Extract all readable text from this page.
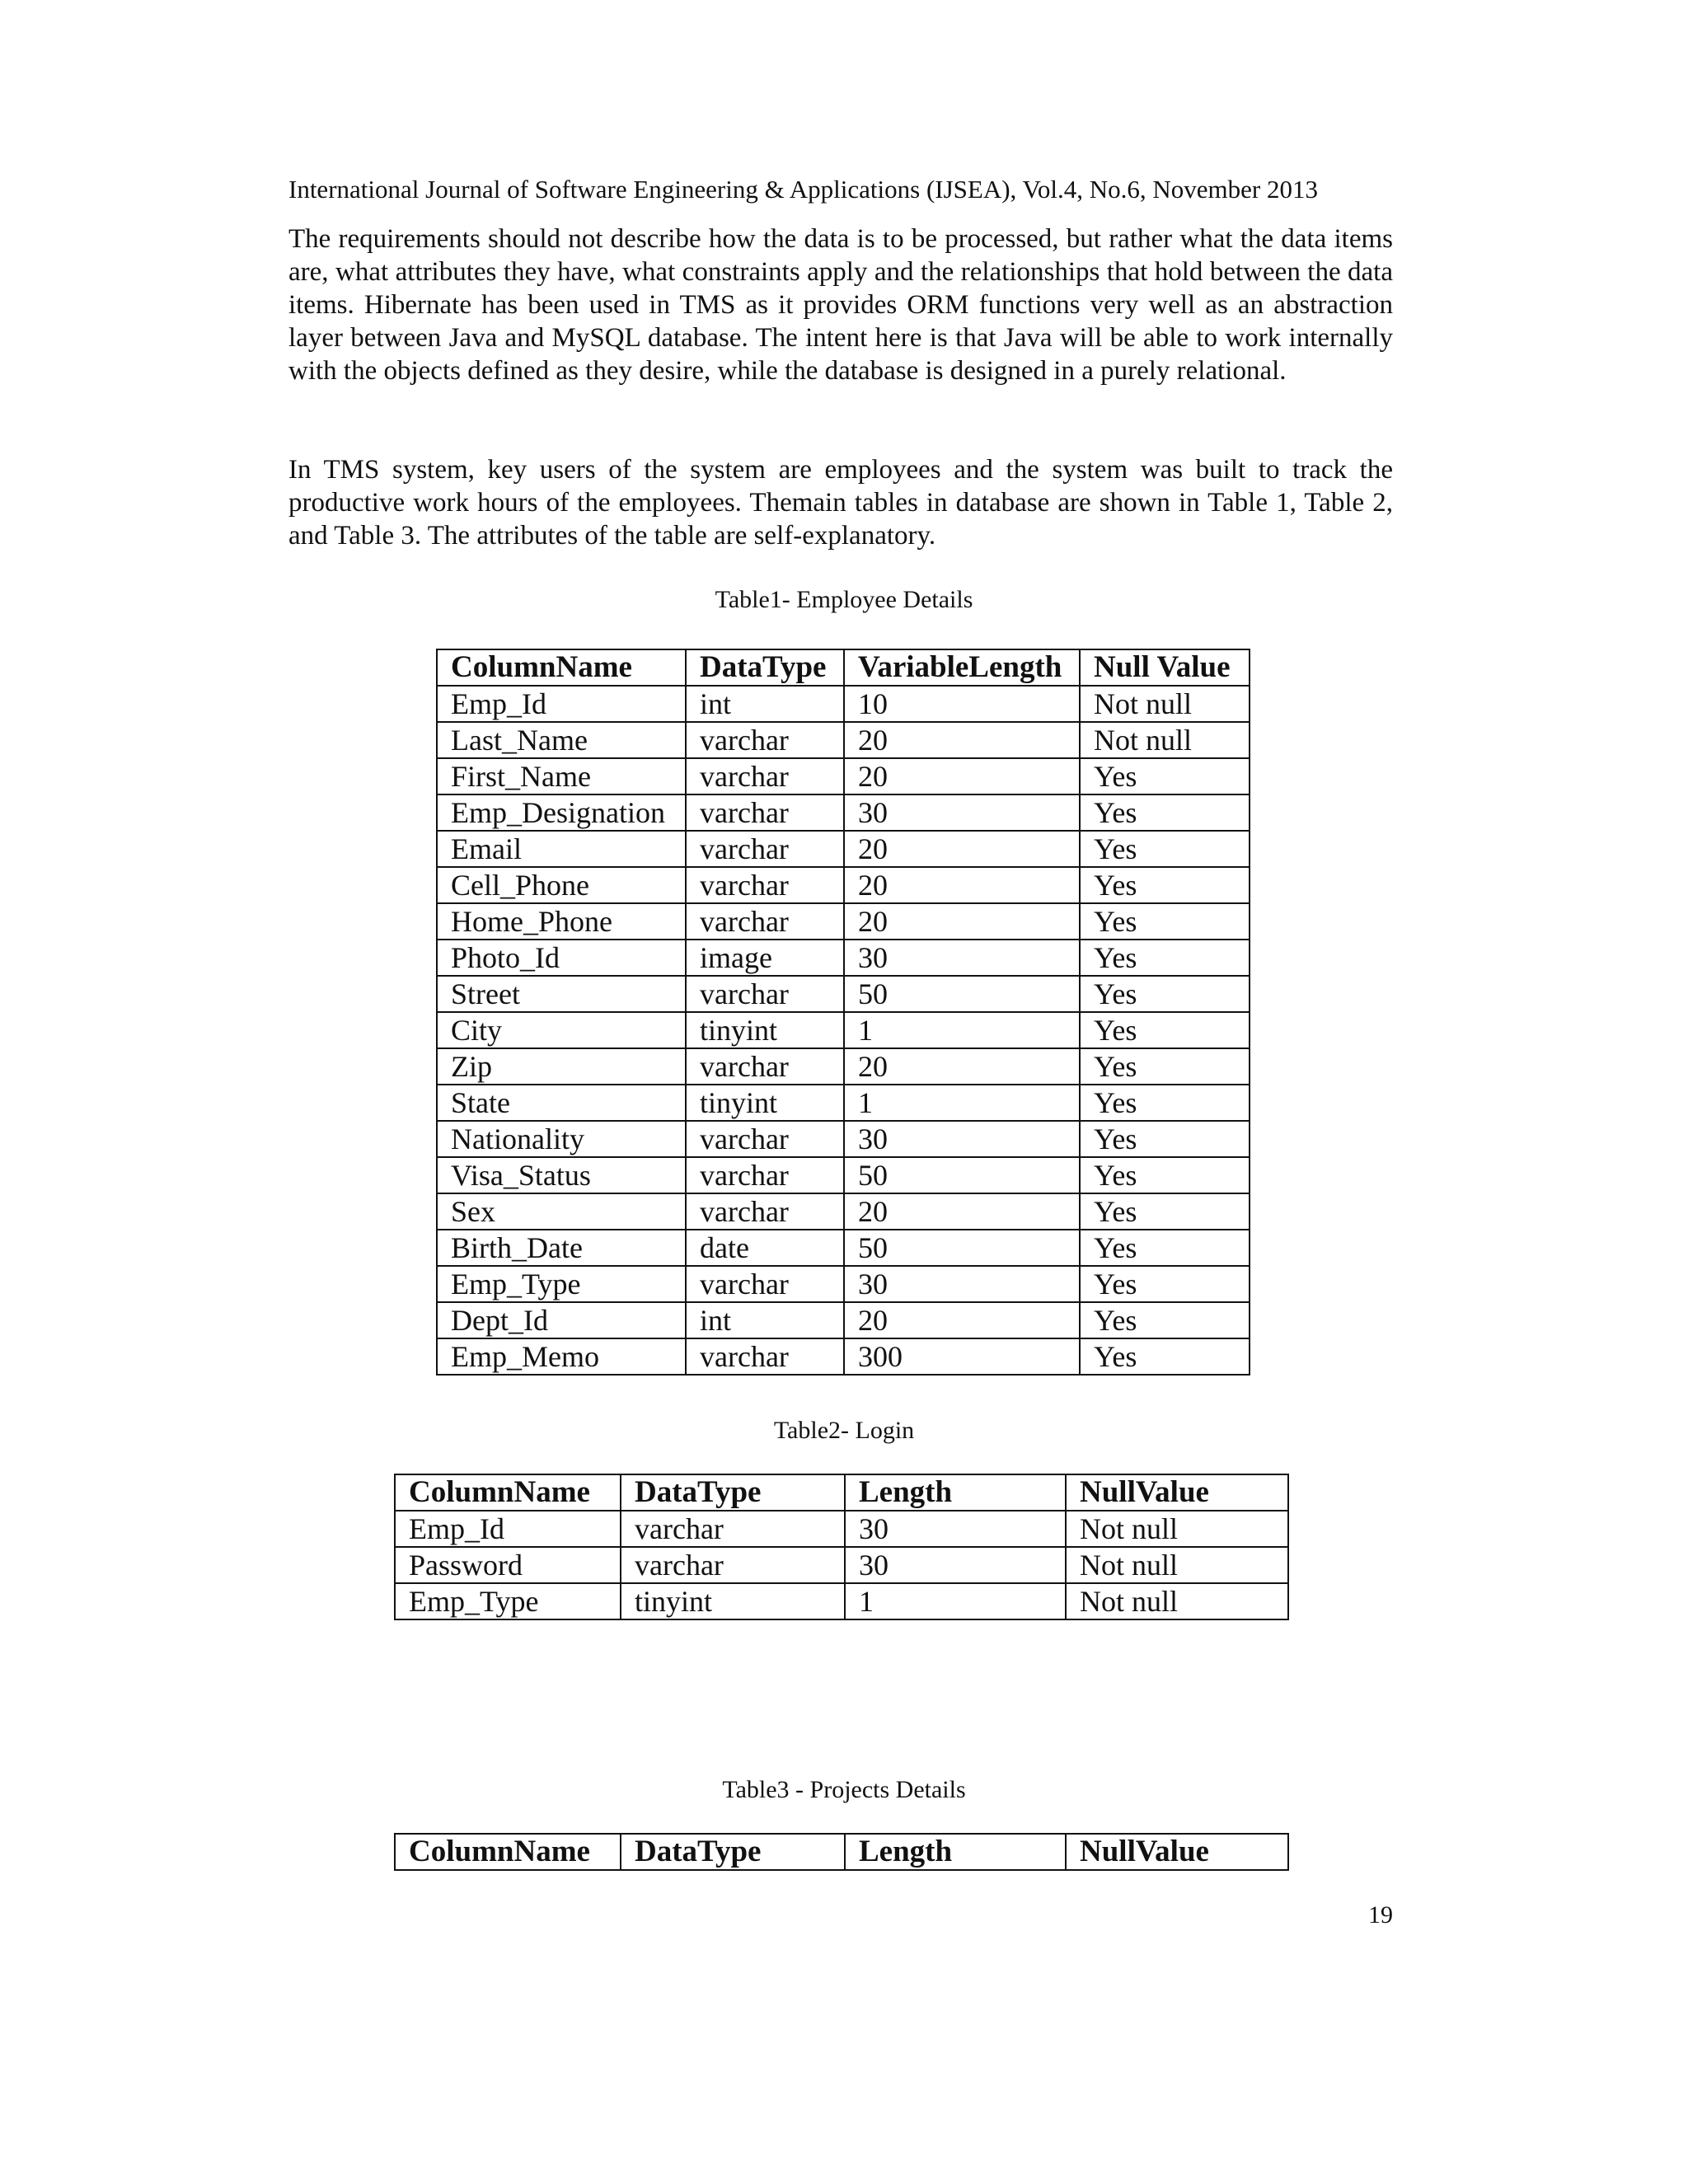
International Journal of Software Engineering & Applications (IJSEA), Vol.4, No.6, November 2013

The requirements should not describe how the data is to be processed, but rather what the data items are, what attributes they have, what constraints apply and the relationships that hold between the data items. Hibernate has been used in TMS as it provides ORM functions very well as an abstraction layer between Java and MySQL database. The intent here is that Java will be able to work internally with the objects defined as they desire, while the database is designed in a purely relational.

In TMS system, key users of the system are employees and the system was built to track the productive work hours of the employees. Themain tables in database are shown in Table 1, Table 2, and Table 3. The attributes of the table are self-explanatory.

Table1- Employee Details
ColumnName	DataType	VariableLength	Null Value
Emp_Id	int	10	Not null
Last_Name	varchar	20	Not null
First_Name	varchar	20	Yes
Emp_Designation	varchar	30	Yes
Email	varchar	20	Yes
Cell_Phone	varchar	20	Yes
Home_Phone	varchar	20	Yes
Photo_Id	image	30	Yes
Street	varchar	50	Yes
City	tinyint	1	Yes
Zip	varchar	20	Yes
State	tinyint	1	Yes
Nationality	varchar	30	Yes
Visa_Status	varchar	50	Yes
Sex	varchar	20	Yes
Birth_Date	date	50	Yes
Emp_Type	varchar	30	Yes
Dept_Id	int	20	Yes
Emp_Memo	varchar	300	Yes
Table2- Login
ColumnName	DataType	Length	NullValue
Emp_Id	varchar	30	Not null
Password	varchar	30	Not null
Emp_Type	tinyint	1	Not null
Table3 - Projects Details
ColumnName	DataType	Length	NullValue
19
